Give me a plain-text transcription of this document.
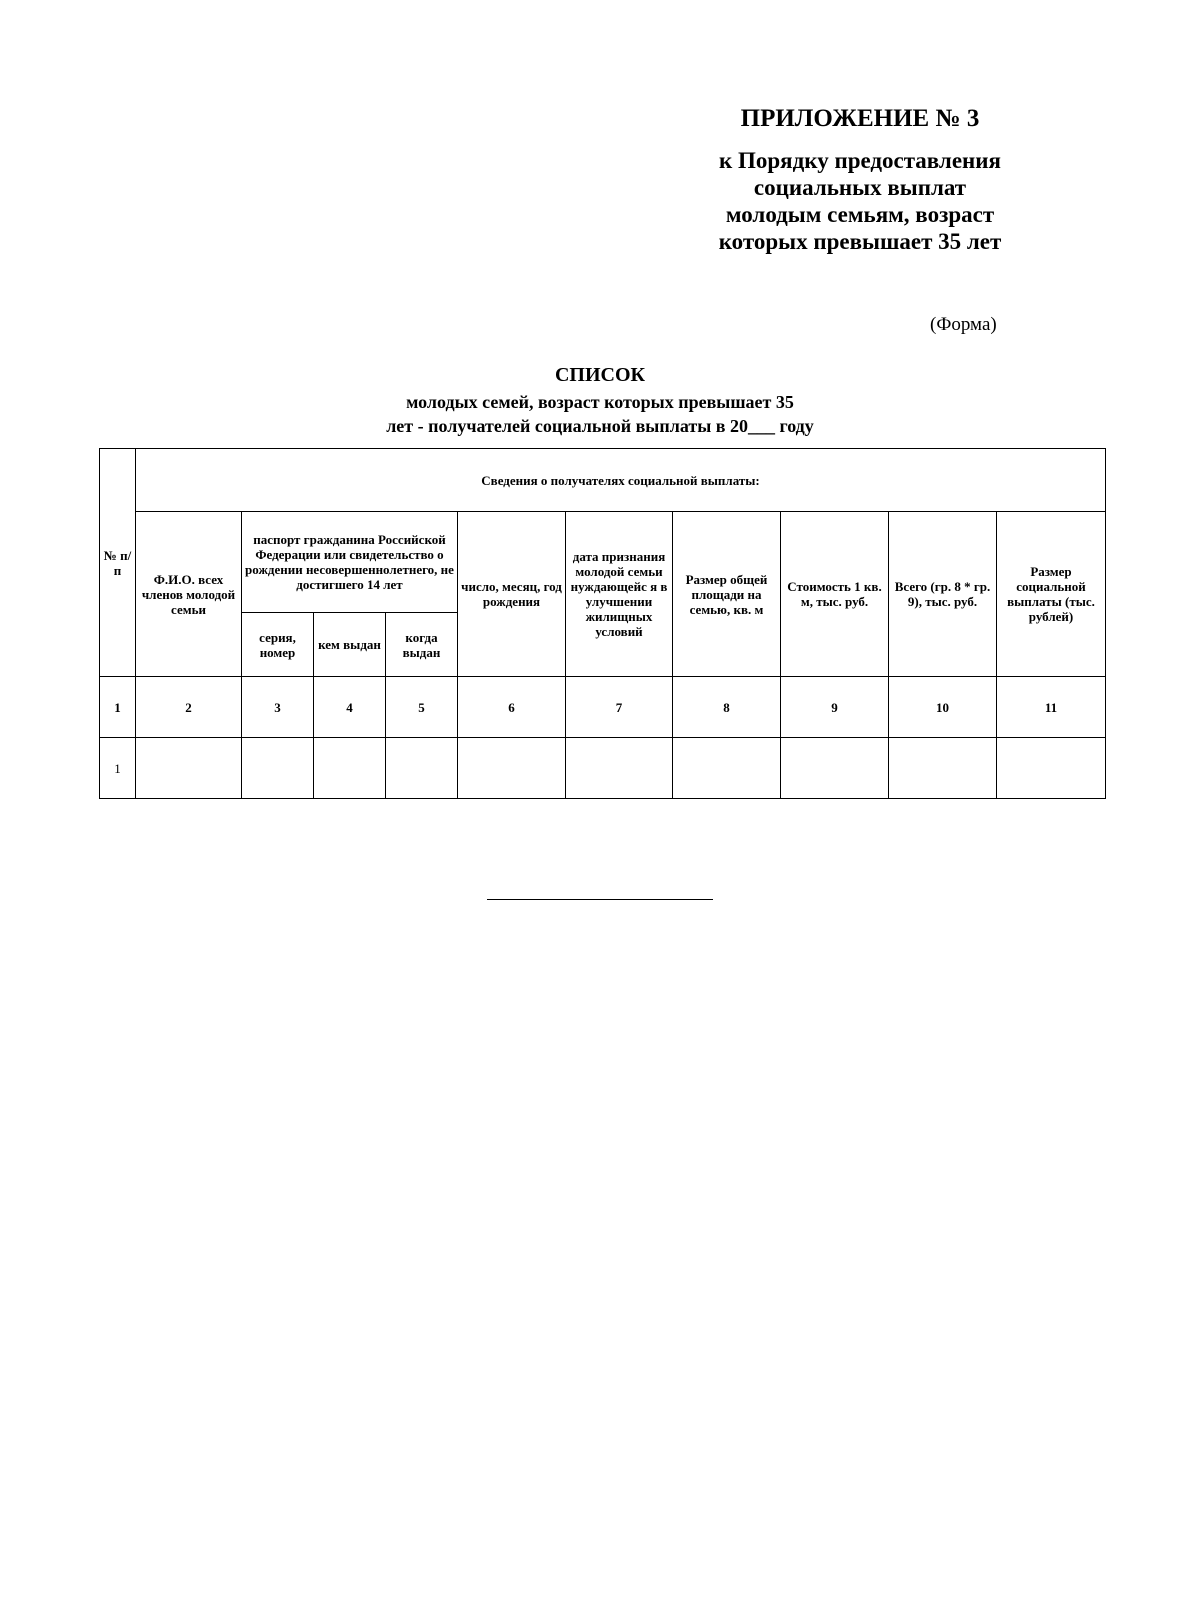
ПРИЛОЖЕНИЕ № 3

к Порядку предоставления

социальных выплат

молодым семьям, возраст

которых превышает 35 лет

(Форма)
СПИСОК
молодых семей, возраст которых превышает 35
лет - получателей социальной выплаты в 20___ году
№ п/п	Сведения о получателях социальной выплаты:									
	Ф.И.О. всех членов молодой семьи	паспорт гражданина Российской Федерации или свидетельство о рождении несовершеннолетнего, не достигшего 14 лет			число, месяц, год рождения	дата признания молодой семьи нуждающейс я в улучшении жилищных условий	Размер общей площади на семью, кв. м	Стоимость 1 кв. м, тыс. руб.	Всего (гр. 8 * гр. 9), тыс. руб.	Размер социальной выплаты (тыс. рублей)
		серия, номер	кем выдан	когда выдан						
1	2	3	4	5	6	7	8	9	10	11
1										
